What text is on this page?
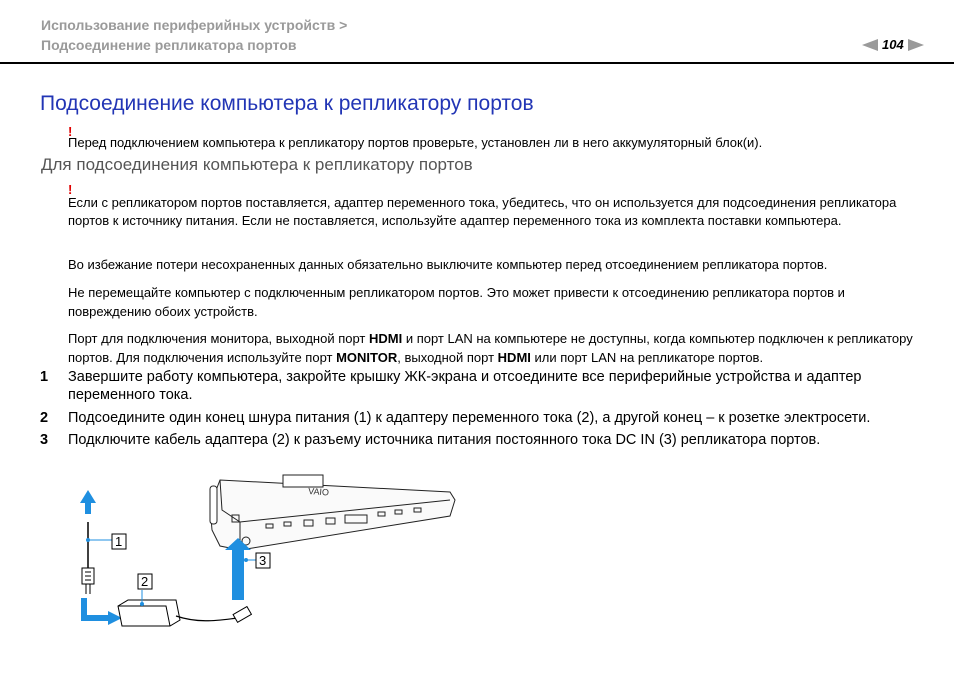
Использование периферийных устройств >
Подсоединение репликатора портов	104
Подсоединение компьютера к репликатору портов
!
Перед подключением компьютера к репликатору портов проверьте, установлен ли в него аккумуляторный блок(и).
Для подсоединения компьютера к репликатору портов
!
Если с репликатором портов поставляется, адаптер переменного тока, убедитесь, что он используется для подсоединения репликатора портов к источнику питания. Если не поставляется, используйте адаптер переменного тока из комплекта поставки компьютера.
Во избежание потери несохраненных данных обязательно выключите компьютер перед отсоединением репликатора портов.
Не перемещайте компьютер с подключенным репликатором портов. Это может привести к отсоединению репликатора портов и повреждению обоих устройств.
Порт для подключения монитора, выходной порт HDMI и порт LAN на компьютере не доступны, когда компьютер подключен к репликатору портов. Для подключения используйте порт MONITOR, выходной порт HDMI или порт LAN на репликаторе портов.
1 Завершите работу компьютера, закройте крышку ЖК-экрана и отсоедините все периферийные устройства и адаптер переменного тока.
2 Подсоедините один конец шнура питания (1) к адаптеру переменного тока (2), а другой конец – к розетке электросети.
3 Подключите кабель адаптера (2) к разъему источника питания постоянного тока DC IN (3) репликатора портов.
VAIO
1
2
3
